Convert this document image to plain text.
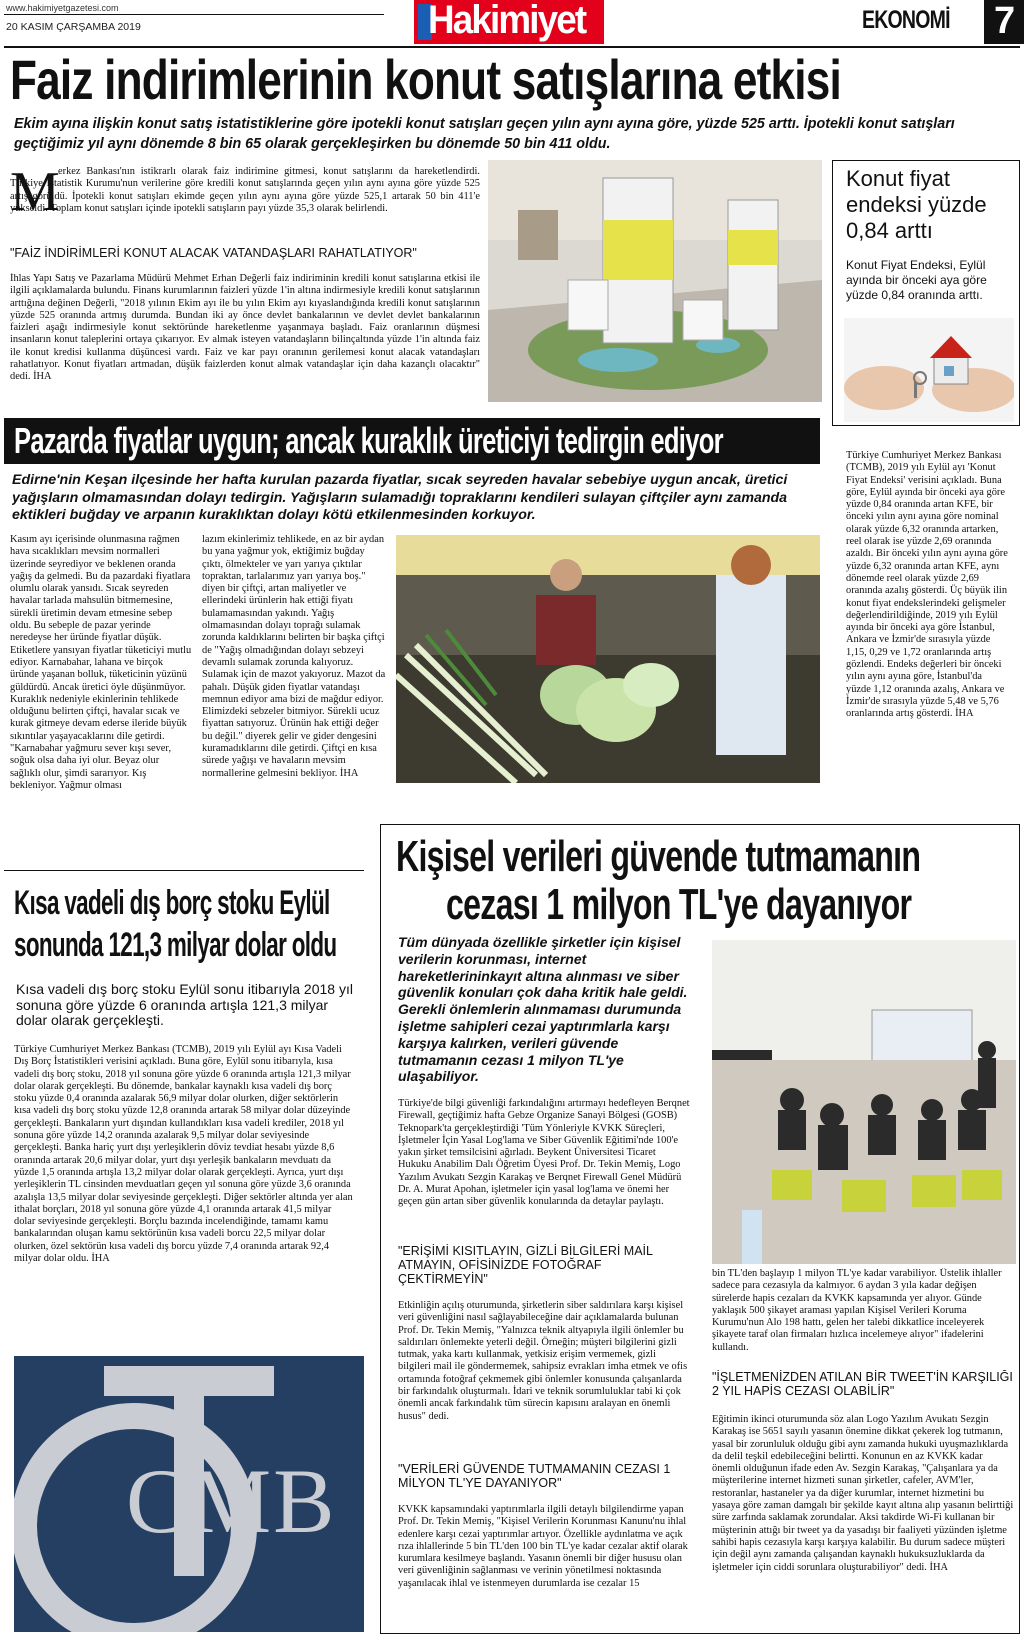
www.hakimiyetgazetesi.com
20 KASIM ÇARŞAMBA 2019	Hakimiyet	EKONOMİ 7
Faiz indirimlerinin konut satışlarına etkisi
Ekim ayına ilişkin konut satış istatistiklerine göre ipotekli konut satışları geçen yılın aynı ayına göre, yüzde 525 arttı. İpotekli konut satışları geçtiğimiz yıl aynı dönemde 8 bin 65 olarak gerçekleşirken bu dönemde 50 bin 411 oldu.
M
erkez Bankası'nın istikrarlı olarak faiz indirimine gitmesi, konut satışlarını da hareketlendirdi. Türkiye İstatistik Kurumu'nun verilerine göre kredili konut satışlarında geçen yılın aynı ayına göre yüzde 525 artış görüldü. İpotekli konut satışları ekimde geçen yılın aynı ayına göre yüzde 525,1 artarak 50 bin 411'e yükseldi. Toplam konut satışları içinde ipotekli satışların payı yüzde 35,3 olarak belirlendi.
"FAİZ İNDİRİMLERİ KONUT ALACAK VATANDAŞLARI RAHATLATIYOR"
İhlas Yapı Satış ve Pazarlama Müdürü Mehmet Erhan Değerli faiz indiriminin kredili konut satışlarına etkisi ile ilgili açıklamalarda bulundu. Finans kurumlarının faizleri yüzde 1'in altına indirmesiyle kredili konut satışlarının arttığına değinen Değerli, "2018 yılının Ekim ayı ile bu yılın Ekim ayı kıyaslandığında kredili konut satışlarının yüzde 525 oranında artmış durumda. Bundan iki ay önce devlet bankalarının ve devlet devlet bankalarının faizleri aşağı indirmesiyle konut sektöründe hareketlenme yaşanmaya başladı. Faiz oranlarının düşmesi insanların konut taleplerini ortaya çıkarıyor. Ev almak isteyen vatandaşların bilinçaltında yüzde 1'in altında faiz ile konut kredisi kullanma düşüncesi vardı. Faiz ve kar payı oranının gerilemesi konut alacak vatandaşları rahatlatıyor. Konut fiyatları artmadan, düşük faizlerden konut almak vatandaşlar için daha kazançlı olacaktır" dedi. İHA
Konut fiyat endeksi yüzde 0,84 arttı
Konut Fiyat Endeksi, Eylül ayında bir önceki aya göre yüzde 0,84 oranında arttı.
Türkiye Cumhuriyet Merkez Bankası (TCMB), 2019 yılı Eylül ayı 'Konut Fiyat Endeksi' verisini açıkladı. Buna göre, Eylül ayında bir önceki aya göre yüzde 0,84 oranında artan KFE, bir önceki yılın aynı ayına göre nominal olarak yüzde 6,32 oranında artarken, reel olarak ise yüzde 2,69 oranında azaldı. Bir önceki yılın aynı ayına göre yüzde 6,32 oranında artan KFE, aynı dönemde reel olarak yüzde 2,69 oranında azalış gösterdi. Üç büyük ilin konut fiyat endekslerindeki gelişmeler değerlendirildiğinde, 2019 yılı Eylül ayında bir önceki aya göre İstanbul, Ankara ve İzmir'de sırasıyla yüzde 1,15, 0,29 ve 1,72 oranlarında artış gözlendi. Endeks değerleri bir önceki yılın aynı ayına göre, İstanbul'da yüzde 1,12 oranında azalış, Ankara ve İzmir'de sırasıyla yüzde 5,48 ve 5,76 oranlarında artış gösterdi. İHA
Pazarda fiyatlar uygun; ancak kuraklık üreticiyi tedirgin ediyor
Edirne'nin Keşan ilçesinde her hafta kurulan pazarda fiyatlar, sıcak seyreden havalar sebebiye uygun ancak, üretici yağışların olmamasından dolayı tedirgin. Yağışların sulamadığı topraklarını kendileri sulayan çiftçiler aynı zamanda ektikleri buğday ve arpanın kuraklıktan dolayı kötü etkilenmesinden korkuyor.
Kasım ayı içerisinde olunmasına rağmen hava sıcaklıkları mevsim normalleri üzerinde seyrediyor ve beklenen oranda yağış da gelmedi. Bu da pazardaki fiyatlara olumlu olarak yansıdı. Sıcak seyreden havalar tarlada mahsulün bitmemesine, sürekli üretimin devam etmesine sebep oldu. Bu sebeple de pazar yerinde neredeyse her üründe fiyatlar düşük. Etiketlere yansıyan fiyatlar tüketiciyi mutlu ediyor. Karnabahar, lahana ve birçok üründe yaşanan bolluk, tüketicinin yüzünü güldürdü. Ancak üretici öyle düşünmüyor. Kuraklık nedeniyle ekinlerinin tehlikede olduğunu belirten çiftçi, havalar sıcak ve kurak gitmeye devam ederse ileride büyük sıkıntılar yaşayacaklarını dile getirdi. "Karnabahar yağmuru sever kışı sever, soğuk olsa daha iyi olur. Beyaz olur sağlıklı olur, şimdi sararıyor. Kış bekleniyor. Yağmur olması
lazım ekinlerimiz tehlikede, en az bir aydan bu yana yağmur yok, ektiğimiz buğday çıktı, ölmekteler ve yarı yarıya çıktılar topraktan, tarlalarımız yarı yarıya boş." diyen bir çiftçi, artan maliyetler ve ellerindeki ürünlerin hak ettiği fiyatı bulamamasından yakındı. Yağış olmamasından dolayı toprağı sulamak zorunda kaldıklarını belirten bir başka çiftçi de "Yağış olmadığından dolayı sebzeyi devamlı sulamak zorunda kalıyoruz. Sulamak için de mazot yakıyoruz. Mazot da pahalı. Düşük giden fiyatlar vatandaşı memnun ediyor ama bizi de mağdur ediyor. Elimizdeki sebzeler bitmiyor. Sürekli ucuz fiyattan satıyoruz. Ürünün hak ettiği değer bu değil." diyerek gelir ve gider dengesini kuramadıklarını dile getirdi. Çiftçi en kısa sürede yağışı ve havaların mevsim normallerine gelmesini bekliyor. İHA
Kısa vadeli dış borç stoku Eylül sonunda 121,3 milyar dolar oldu
Kısa vadeli dış borç stoku Eylül sonu itibarıyla 2018 yıl sonuna göre yüzde 6 oranında artışla 121,3 milyar dolar olarak gerçekleşti.
Türkiye Cumhuriyet Merkez Bankası (TCMB), 2019 yılı Eylül ayı Kısa Vadeli Dış Borç İstatistikleri verisini açıkladı. Buna göre, Eylül sonu itibarıyla, kısa vadeli dış borç stoku, 2018 yıl sonuna göre yüzde 6 oranında artışla 121,3 milyar dolar olarak gerçekleşti. Bu dönemde, bankalar kaynaklı kısa vadeli dış borç stoku yüzde 0,4 oranında azalarak 56,9 milyar dolar olurken, diğer sektörlerin kısa vadeli dış borç stoku yüzde 12,8 oranında artarak 58 milyar dolar düzeyinde gerçekleşti. Bankaların yurt dışından kullandıkları kısa vadeli krediler, 2018 yıl sonuna göre yüzde 14,2 oranında azalarak 9,5 milyar dolar seviyesinde gerçekleşti. Banka hariç yurt dışı yerleşiklerin döviz tevdiat hesabı yüzde 8,6 oranında artarak 20,6 milyar dolar, yurt dışı yerleşik bankaların mevduatı da yüzde 1,5 oranında artışla 13,2 milyar dolar olarak gerçekleşti. Ayrıca, yurt dışı yerleşiklerin TL cinsinden mevduatları geçen yıl sonuna göre yüzde 3,6 oranında azalışla 13,5 milyar dolar seviyesinde gerçekleşti. Diğer sektörler altında yer alan ithalat borçları, 2018 yıl sonuna göre yüzde 4,1 oranında artarak 41,5 milyar dolar seviyesinde gerçekleşti. Borçlu bazında incelendiğinde, tamamı kamu bankalarından oluşan kamu sektörünün kısa vadeli borcu 22,5 milyar dolar olurken, özel sektörün kısa vadeli dış borcu yüzde 7,4 oranında artarak 92,4 milyar dolar oldu. İHA
CMB
Kişisel verileri güvende tutmamanın
cezası 1 milyon TL'ye dayanıyor
Tüm dünyada özellikle şirketler için kişisel verilerin korunması, internet hareketlerininkayıt altına alınması ve siber güvenlik konuları çok daha kritik hale geldi. Gerekli önlemlerin alınmaması durumunda işletme sahipleri cezai yaptırımlarla karşı karşıya kalırken, verileri güvende tutmamanın cezası 1 milyon TL'ye ulaşabiliyor.
Türkiye'de bilgi güvenliği farkındalığını artırmayı hedefleyen Berqnet Firewall, geçtiğimiz hafta Gebze Organize Sanayi Bölgesi (GOSB) Teknopark'ta gerçekleştirdiği 'Tüm Yönleriyle KVKK Süreçleri, İşletmeler İçin Yasal Log'lama ve Siber Güvenlik Eğitimi'nde 100'e yakın şirket temsilcisini ağırladı. Beykent Üniversitesi Ticaret Hukuku Anabilim Dalı Öğretim Üyesi Prof. Dr. Tekin Memiş, Logo Yazılım Avukatı Sezgin Karakaş ve Berqnet Firewall Genel Müdürü Dr. A. Murat Apohan, işletmeler için yasal log'lama ve önemi her geçen gün artan siber güvenlik konularında da detaylar paylaştı.
"ERİŞİMİ KISITLAYIN, GİZLİ BİLGİLERİ MAİL ATMAYIN, OFİSİNİZDE FOTOĞRAF ÇEKTİRMEYİN"
Etkinliğin açılış oturumunda, şirketlerin siber saldırılara karşı kişisel veri güvenliğini nasıl sağlayabileceğine dair açıklamalarda bulunan Prof. Dr. Tekin Memiş, "Yalnızca teknik altyapıyla ilgili önlemler bu saldırıları önlemekte yeterli değil. Örneğin; müşteri bilgilerini gizli tutmak, yaka kartı kullanmak, yetkisiz erişim vermemek, gizli bilgileri mail ile göndermemek, sahipsiz evrakları imha etmek ve ofis ortamında fotoğraf çekmemek gibi önlemler konusunda çalışanlarda bir farkındalık oluşturmalı. İdari ve teknik sorumluluklar tabi ki çok önemli ancak farkındalık tüm sürecin kapısını aralayan en önemli husus" dedi.
"VERİLERİ GÜVENDE TUTMAMANIN CEZASI 1 MİLYON TL'YE DAYANIYOR"
KVKK kapsamındaki yaptırımlarla ilgili detaylı bilgilendirme yapan Prof. Dr. Tekin Memiş, "Kişisel Verilerin Korunması Kanunu'nu ihlal edenlere karşı cezai yaptırımlar artıyor. Özellikle aydınlatma ve açık rıza ihlallerinde 5 bin TL'den 100 bin TL'ye kadar cezalar aktif olarak kurumlara kesilmeye başlandı. Yasanın önemli bir diğer hususu olan veri güvenliğinin sağlanması ve verinin yönetilmesi noktasında yaşanılacak ihlal ve istenmeyen durumlarda ise cezalar 15
bin TL'den başlayıp 1 milyon TL'ye kadar varabiliyor. Üstelik ihlaller sadece para cezasıyla da kalmıyor. 6 aydan 3 yıla kadar değişen sürelerde hapis cezaları da KVKK kapsamında yer alıyor. Günde yaklaşık 500 şikayet araması yapılan Kişisel Verileri Koruma Kurumu'nun Alo 198 hattı, gelen her talebi dikkatlice inceleyerek şikayete taraf olan firmaları hızlıca incelemeye alıyor" ifadelerini kullandı.
"İŞLETMENİZDEN ATILAN BİR TWEET'İN KARŞILIĞI 2 YIL HAPİS CEZASI OLABİLİR"
Eğitimin ikinci oturumunda söz alan Logo Yazılım Avukatı Sezgin Karakaş ise 5651 sayılı yasanın önemine dikkat çekerek log tutmanın, yasal bir zorunluluk olduğu gibi aynı zamanda hukuki uyuşmazlıklarda da delil teşkil edebileceğini belirtti. Konunun en az KVKK kadar önemli olduğunun ifade eden Av. Sezgin Karakaş, "Çalışanlara ya da müşterilerine internet hizmeti sunan şirketler, cafeler, AVM'ler, restoranlar, hastaneler ya da diğer kurumlar, internet hizmetini bu yasaya göre zaman damgalı bir şekilde kayıt altına alıp yasanın belirttiği süre zarfında saklamak zorundalar. Aksi takdirde Wi-Fi kullanan bir müşterinin attığı bir tweet ya da yasadışı bir faaliyeti yüzünden işletme sahibi hapis cezasıyla karşı karşıya kalabilir. Bu durum sadece müşteri için değil aynı zamanda çalışandan kaynaklı hukuksuzluklarda da işletmeler için ciddi sorunlara oluşturabiliyor" dedi. İHA
